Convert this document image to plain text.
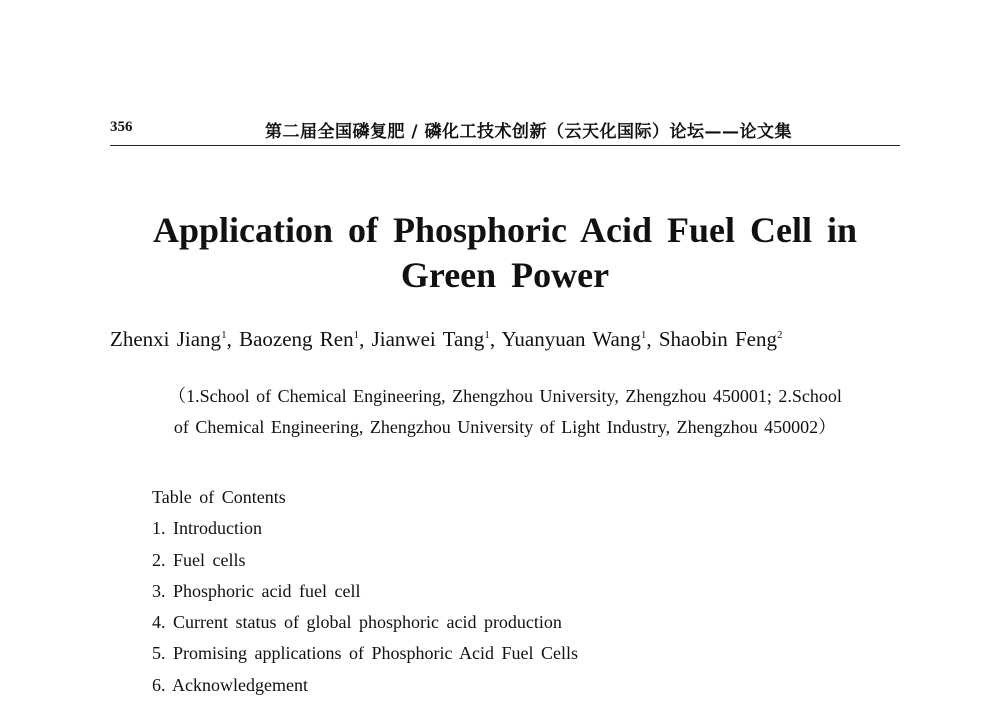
356	第二届全国磷复肥 / 磷化工技术创新（云天化国际）论坛——论文集
Application of Phosphoric Acid Fuel Cell in
Green Power
Zhenxi Jiang$^1$, Baozeng Ren$^1$, Jianwei Tang$^1$, Yuanyuan Wang$^1$, Shaobin Feng$^2$
（1.School of Chemical Engineering, Zhengzhou University, Zhengzhou 450001; 2.School
of Chemical Engineering, Zhengzhou University of Light Industry, Zhengzhou 450002）
Table of Contents
1. Introduction
2. Fuel cells
3. Phosphoric acid fuel cell
4. Current status of global phosphoric acid production
5. Promising applications of Phosphoric Acid Fuel Cells
6. Acknowledgement
